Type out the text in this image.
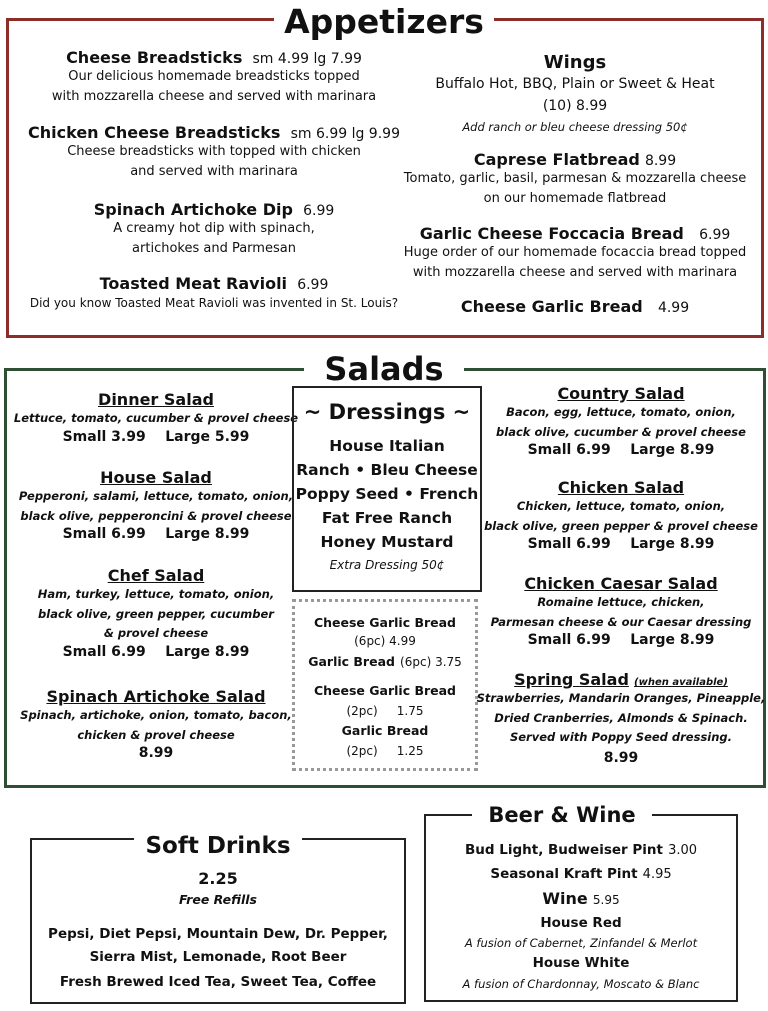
Appetizers
Cheese Breadsticks sm 4.99 lg 7.99
Our delicious homemade breadsticks topped
with mozzarella cheese and served with marinara
Chicken Cheese Breadsticks sm 6.99 lg 9.99
Cheese breadsticks with topped with chicken
and served with marinara
Spinach Artichoke Dip 6.99
A creamy hot dip with spinach,
artichokes and Parmesan
Toasted Meat Ravioli 6.99
Did you know Toasted Meat Ravioli was invented in St. Louis?
Wings
Buffalo Hot, BBQ, Plain or Sweet & Heat
(10) 8.99
Add ranch or bleu cheese dressing 50¢
Caprese Flatbread 8.99
Tomato, garlic, basil, parmesan & mozzarella cheese
on our homemade flatbread
Garlic Cheese Foccacia Bread 6.99
Huge order of our homemade focaccia bread topped
with mozzarella cheese and served with marinara
Cheese Garlic Bread 4.99
Salads
Dinner Salad
Lettuce, tomato, cucumber & provel cheese
Small 3.99    Large 5.99
House Salad
Pepperoni, salami, lettuce, tomato, onion,
black olive, pepperoncini & provel cheese
Small 6.99    Large 8.99
Chef Salad
Ham, turkey, lettuce, tomato, onion,
black olive, green pepper, cucumber
& provel cheese
Small 6.99    Large 8.99
Spinach Artichoke Salad
Spinach, artichoke, onion, tomato, bacon,
chicken & provel cheese
8.99
~ Dressings ~
House Italian
Ranch • Bleu Cheese
Poppy Seed • French
Fat Free Ranch
Honey Mustard
Extra Dressing 50¢
Cheese Garlic Bread
(6pc) 4.99
Garlic Bread (6pc) 3.75
Cheese Garlic Bread
(2pc)     1.75
Garlic Bread
(2pc)     1.25
Country Salad
Bacon, egg, lettuce, tomato, onion,
black olive, cucumber & provel cheese
Small 6.99    Large 8.99
Chicken Salad
Chicken, lettuce, tomato, onion,
black olive, green pepper & provel cheese
Small 6.99    Large 8.99
Chicken Caesar Salad
Romaine lettuce, chicken,
Parmesan cheese & our Caesar dressing
Small 6.99    Large 8.99
Spring Salad (when available)
Strawberries, Mandarin Oranges, Pineapple,
Dried Cranberries, Almonds & Spinach.
Served with Poppy Seed dressing.
8.99
Soft Drinks
2.25
Free Refills
Pepsi, Diet Pepsi, Mountain Dew, Dr. Pepper,
Sierra Mist, Lemonade, Root Beer
Fresh Brewed Iced Tea, Sweet Tea, Coffee
Beer & Wine
Bud Light, Budweiser Pint 3.00
Seasonal Kraft Pint 4.95
Wine 5.95
House Red
A fusion of Cabernet, Zinfandel & Merlot
House White
A fusion of Chardonnay, Moscato & Blanc
